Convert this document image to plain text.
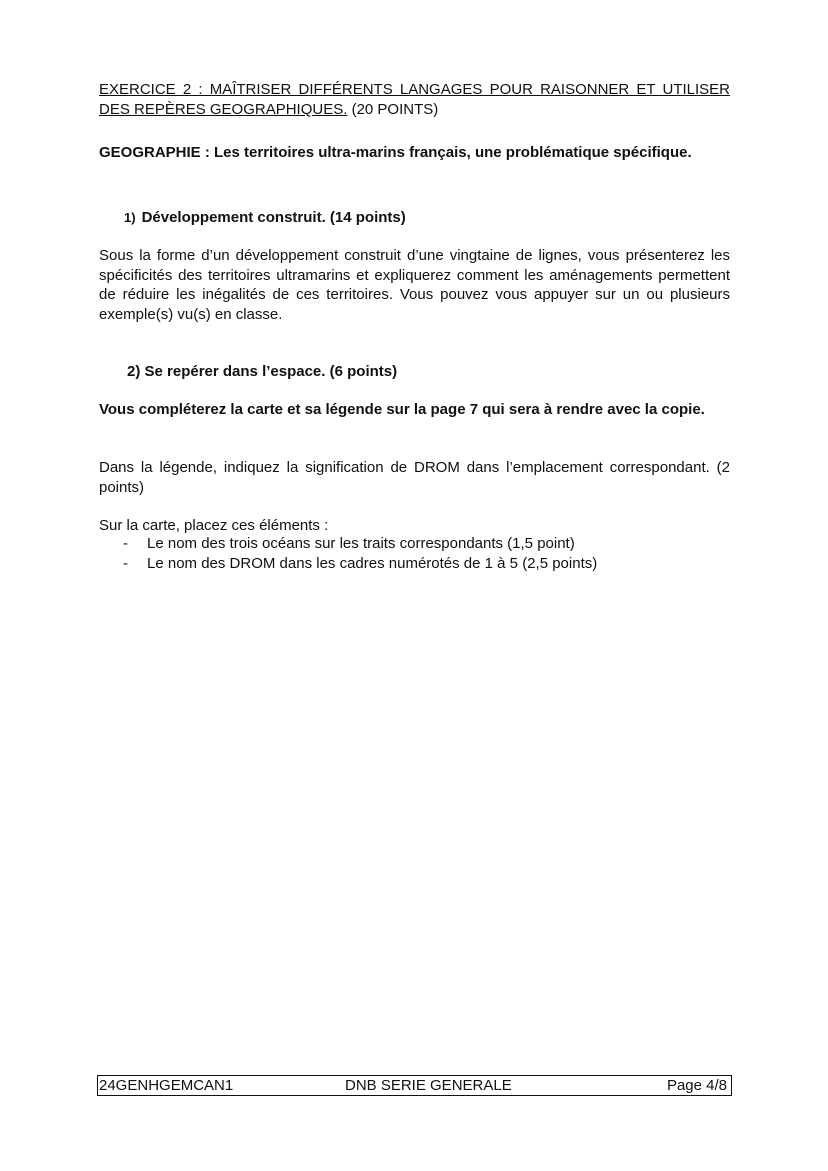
EXERCICE 2 : MAÎTRISER DIFFÉRENTS LANGAGES POUR RAISONNER ET UTILISER DES REPÈRES GEOGRAPHIQUES. (20 POINTS)
GEOGRAPHIE : Les territoires ultra-marins français, une problématique spécifique.
1) Développement construit. (14 points)
Sous la forme d’un développement construit d’une vingtaine de lignes, vous présenterez les spécificités des territoires ultramarins et expliquerez comment les aménagements permettent de réduire les inégalités de ces territoires. Vous pouvez vous appuyer sur un ou plusieurs exemple(s) vu(s) en classe.
2) Se repérer dans l’espace. (6 points)
Vous compléterez la carte et sa légende sur la page 7 qui sera à rendre avec la copie.
Dans la légende, indiquez la signification de DROM dans l’emplacement correspondant. (2 points)
Sur la carte, placez ces éléments :
- Le nom des trois océans sur les traits correspondants (1,5 point)
- Le nom des DROM dans les cadres numérotés de 1 à 5 (2,5 points)
24GENHGEMCAN1	DNB SERIE GENERALE	Page 4/8
